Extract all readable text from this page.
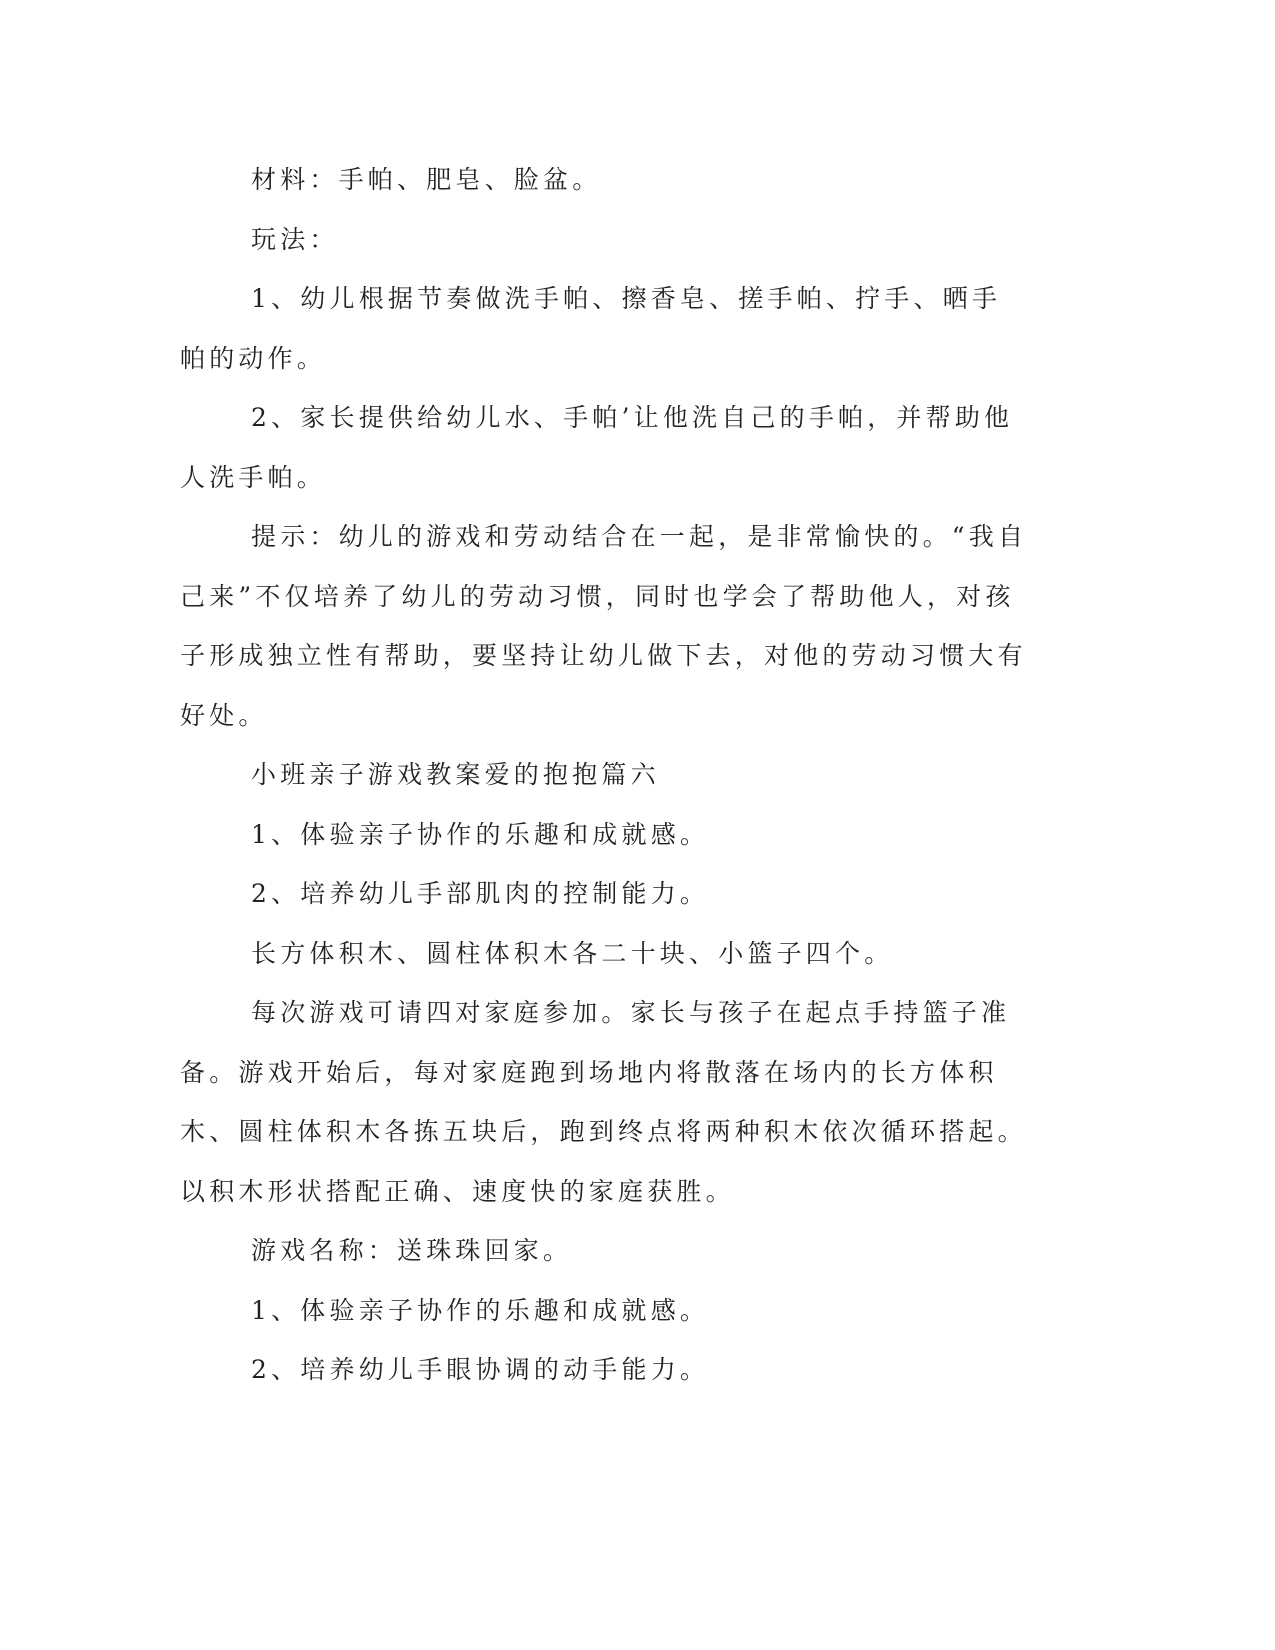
材料：手帕、肥皂、脸盆。

玩法：

1、幼儿根据节奏做洗手帕、擦香皂、搓手帕、拧手、晒手帕的动作。

2、家长提供给幼儿水、手帕’让他洗自己的手帕，并帮助他人洗手帕。

提示：幼儿的游戏和劳动结合在一起，是非常愉快的。“我自己来”不仅培养了幼儿的劳动习惯，同时也学会了帮助他人，对孩子形成独立性有帮助，要坚持让幼儿做下去，对他的劳动习惯大有好处。

小班亲子游戏教案爱的抱抱篇六

1、体验亲子协作的乐趣和成就感。

2、培养幼儿手部肌肉的控制能力。

长方体积木、圆柱体积木各二十块、小篮子四个。

每次游戏可请四对家庭参加。家长与孩子在起点手持篮子准备。游戏开始后，每对家庭跑到场地内将散落在场内的长方体积木、圆柱体积木各拣五块后，跑到终点将两种积木依次循环搭起。以积木形状搭配正确、速度快的家庭获胜。

游戏名称：送珠珠回家。

1、体验亲子协作的乐趣和成就感。

2、培养幼儿手眼协调的动手能力。
